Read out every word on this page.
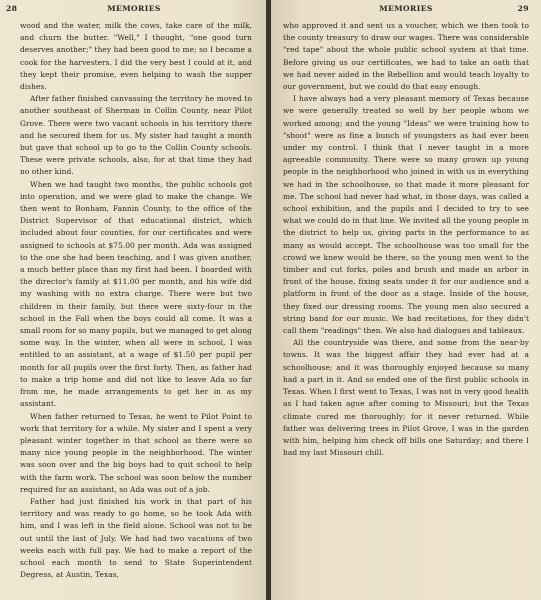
28	MEMORIES

wood and the water, milk the cows, take care of the milk, and churn the butter. "Well," I thought, "one good turn deserves another;" they had been good to me; so I became a cook for the harvesters. I did the very best I could at it, and they kept their promise, even helping to wash the supper dishes.

After father finished canvassing the territory he moved to another southeast of Sherman in Collin County, near Pilot Grove. There were two vacant schools in his territory there and he secured them for us. My sister had taught a month but gave that school up to go to the Collin County schools. These were private schools, also, for at that time they had no other kind.

When we had taught two months, the public schools got into operation, and we were glad to make the change. We then went to Bonham, Fannin County, to the office of the District Supervisor of that educational district, which included about four counties, for our certificates and were assigned to schools at $75.00 per month. Ada was assigned to the one she had been teaching, and I was given another, a much better place than my first had been. I boarded with the director's family at $11.00 per month, and his wife did my washing with no extra charge. There were but two children in their family, but there were sixty-four in the school in the Fall when the boys could all come. It was a small room for so many pupils, but we managed to get along some way. In the winter, when all were in school, I was entitled to an assistant, at a wage of $1.50 per pupil per month for all pupils over the first forty. Then, as father had to make a trip home and did not like to leave Ada so far from me, he made arrangements to get her in as my assistant.

When father returned to Texas, he went to Pilot Point to work that territory for a while. My sister and I spent a very pleasant winter together in that school as there were so many nice young people in the neighborhood. The winter was soon over and the big boys had to quit school to help with the farm work. The school was soon below the number required for an assistant, so Ada was out of a job.

Father had just finished his work in that part of his territory and was ready to go home, so he took Ada with him, and I was left in the field alone. School was not to be out until the last of July. We had had two vacations of two weeks each with full pay. We had to make a report of the school each month to send to State Superintendent Degress, at Austin, Texas,

MEMORIES	29

who approved it and sent us a voucher, which we then took to the county treasury to draw our wages. There was considerable "red tape" about the whole public school system at that time. Before giving us our certificates, we had to take an oath that we had never aided in the Rebellion and would teach loyalty to our government, but we could do that easy enough.

I have always had a very pleasant memory of Texas because we were generally treated so well by her people whom we worked among; and the young "Ideas" we were training how to "shoot" were as fine a bunch of youngsters as had ever been under my control. I think that I never taught in a more agreeable community. There were so many grown up young people in the neighborhood who joined in with us in everything we had in the schoolhouse, so that made it more pleasant for me. The school had never had what, in those days, was called a school exhibition, and the pupils and I decided to try to see what we could do in that line. We invited all the young people in the district to help us, giving parts in the performance to as many as would accept. The schoolhouse was too small for the crowd we knew would be there, so the young men went to the timber and cut forks, poles and brush and made an arbor in front of the house, fixing seats under it for our audience and a platform in front of the door as a stage. Inside of the house, they fixed our dressing rooms. The young men also secured a string band for our music. We had recitations, for they didn't call them "readings" then. We also had dialogues and tableaux.

All the countryside was there, and some from the near-by towns. It was the biggest affair they had ever had at a schoolhouse; and it was thoroughly enjoyed because so many had a part in it. And so ended one of the first public schools in Texas. When I first went to Texas, I was not in very good health as I had taken ague after coming to Missouri; but the Texas climate cured me thoroughly; for it never returned. While father was delivering trees in Pilot Grove, I was in the garden with him, helping him check off bills one Saturday; and there I had my last Missouri chill.
